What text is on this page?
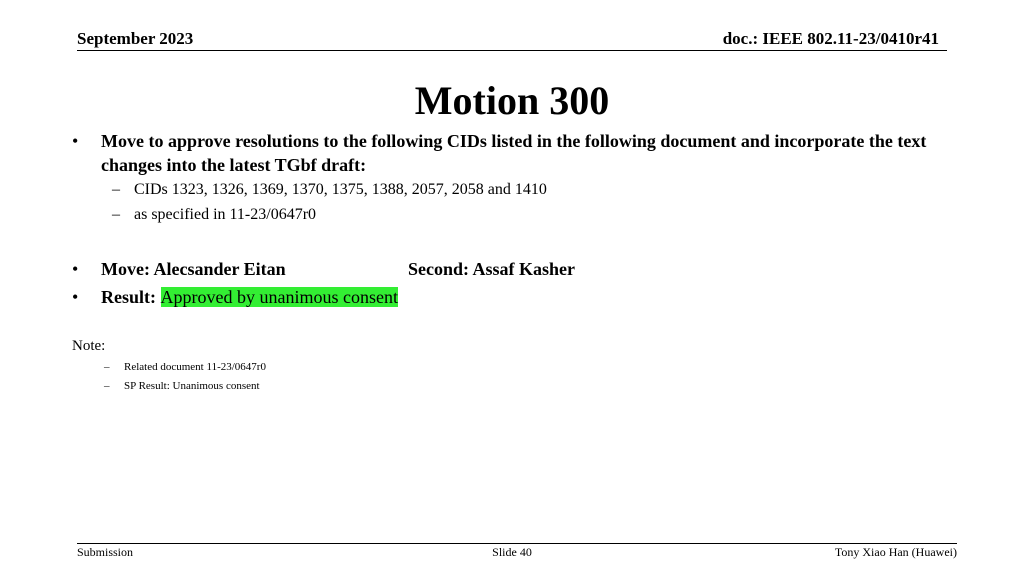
September 2023	doc.: IEEE 802.11-23/0410r41
Motion 300
• Move to approve resolutions to the following CIDs listed in the following document and incorporate the text changes into the latest TGbf draft:
– CIDs 1323, 1326, 1369, 1370, 1375, 1388, 2057, 2058 and 1410
– as specified in 11-23/0647r0
• Move: Alecsander Eitan	Second: Assaf Kasher
• Result: Approved by unanimous consent
Note:
– Related document 11-23/0647r0
– SP Result: Unanimous consent
Submission	Slide 40	Tony Xiao Han (Huawei)
